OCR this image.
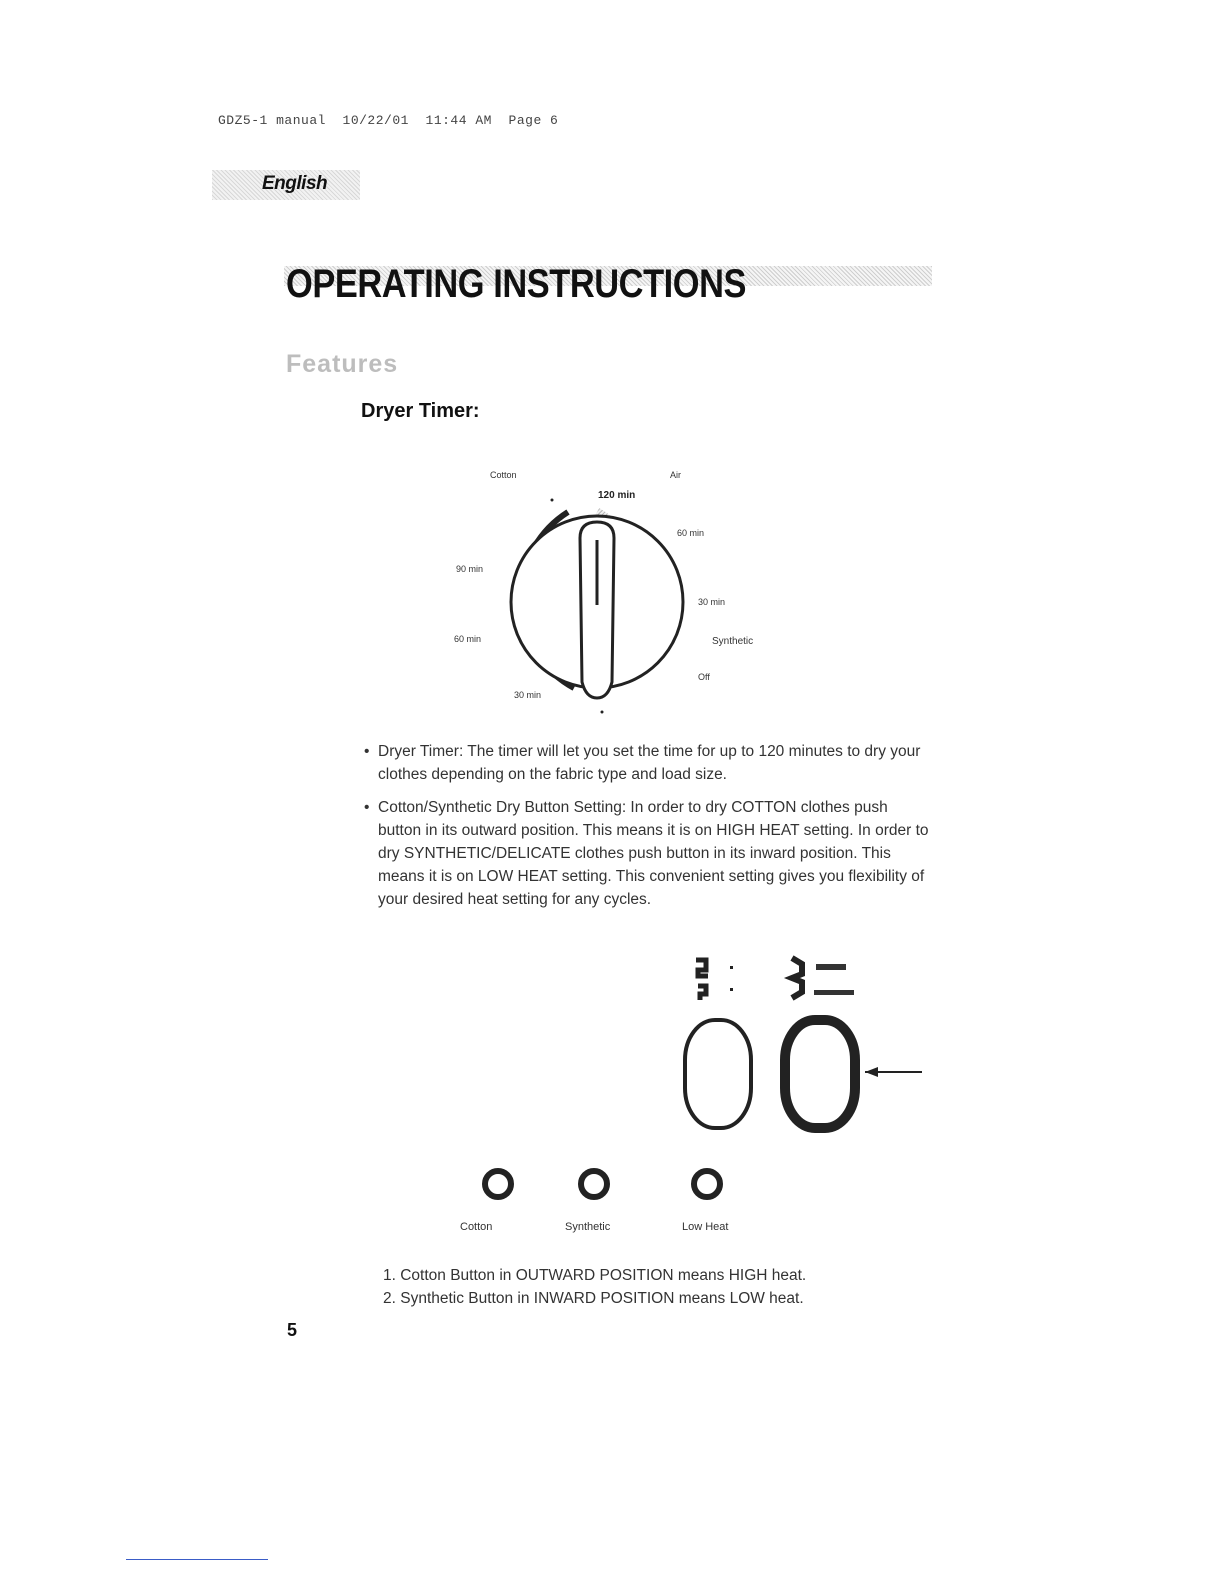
GDZ5-1 manual  10/22/01  11:44 AM  Page 6
English
OPERATING INSTRUCTIONS
Features
Dryer Timer:
Cotton	Air
120 min
60 min
90 min
30 min
60 min	Synthetic
Off
30 min
• Dryer Timer: The timer will let you set the time for up to 120 minutes to dry your clothes depending on the fabric type and load size.
• Cotton/Synthetic Dry Button Setting: In order to dry COTTON clothes push button in its outward position. This means it is on HIGH HEAT setting. In order to dry SYNTHETIC/DELICATE clothes push button in its inward position. This means it is on LOW HEAT setting. This convenient setting gives you flexibility of your desired heat setting for any cycles.
Cotton	Synthetic	Low Heat
1. Cotton Button in OUTWARD POSITION means HIGH heat.
2. Synthetic Button in INWARD POSITION means LOW heat.
5
